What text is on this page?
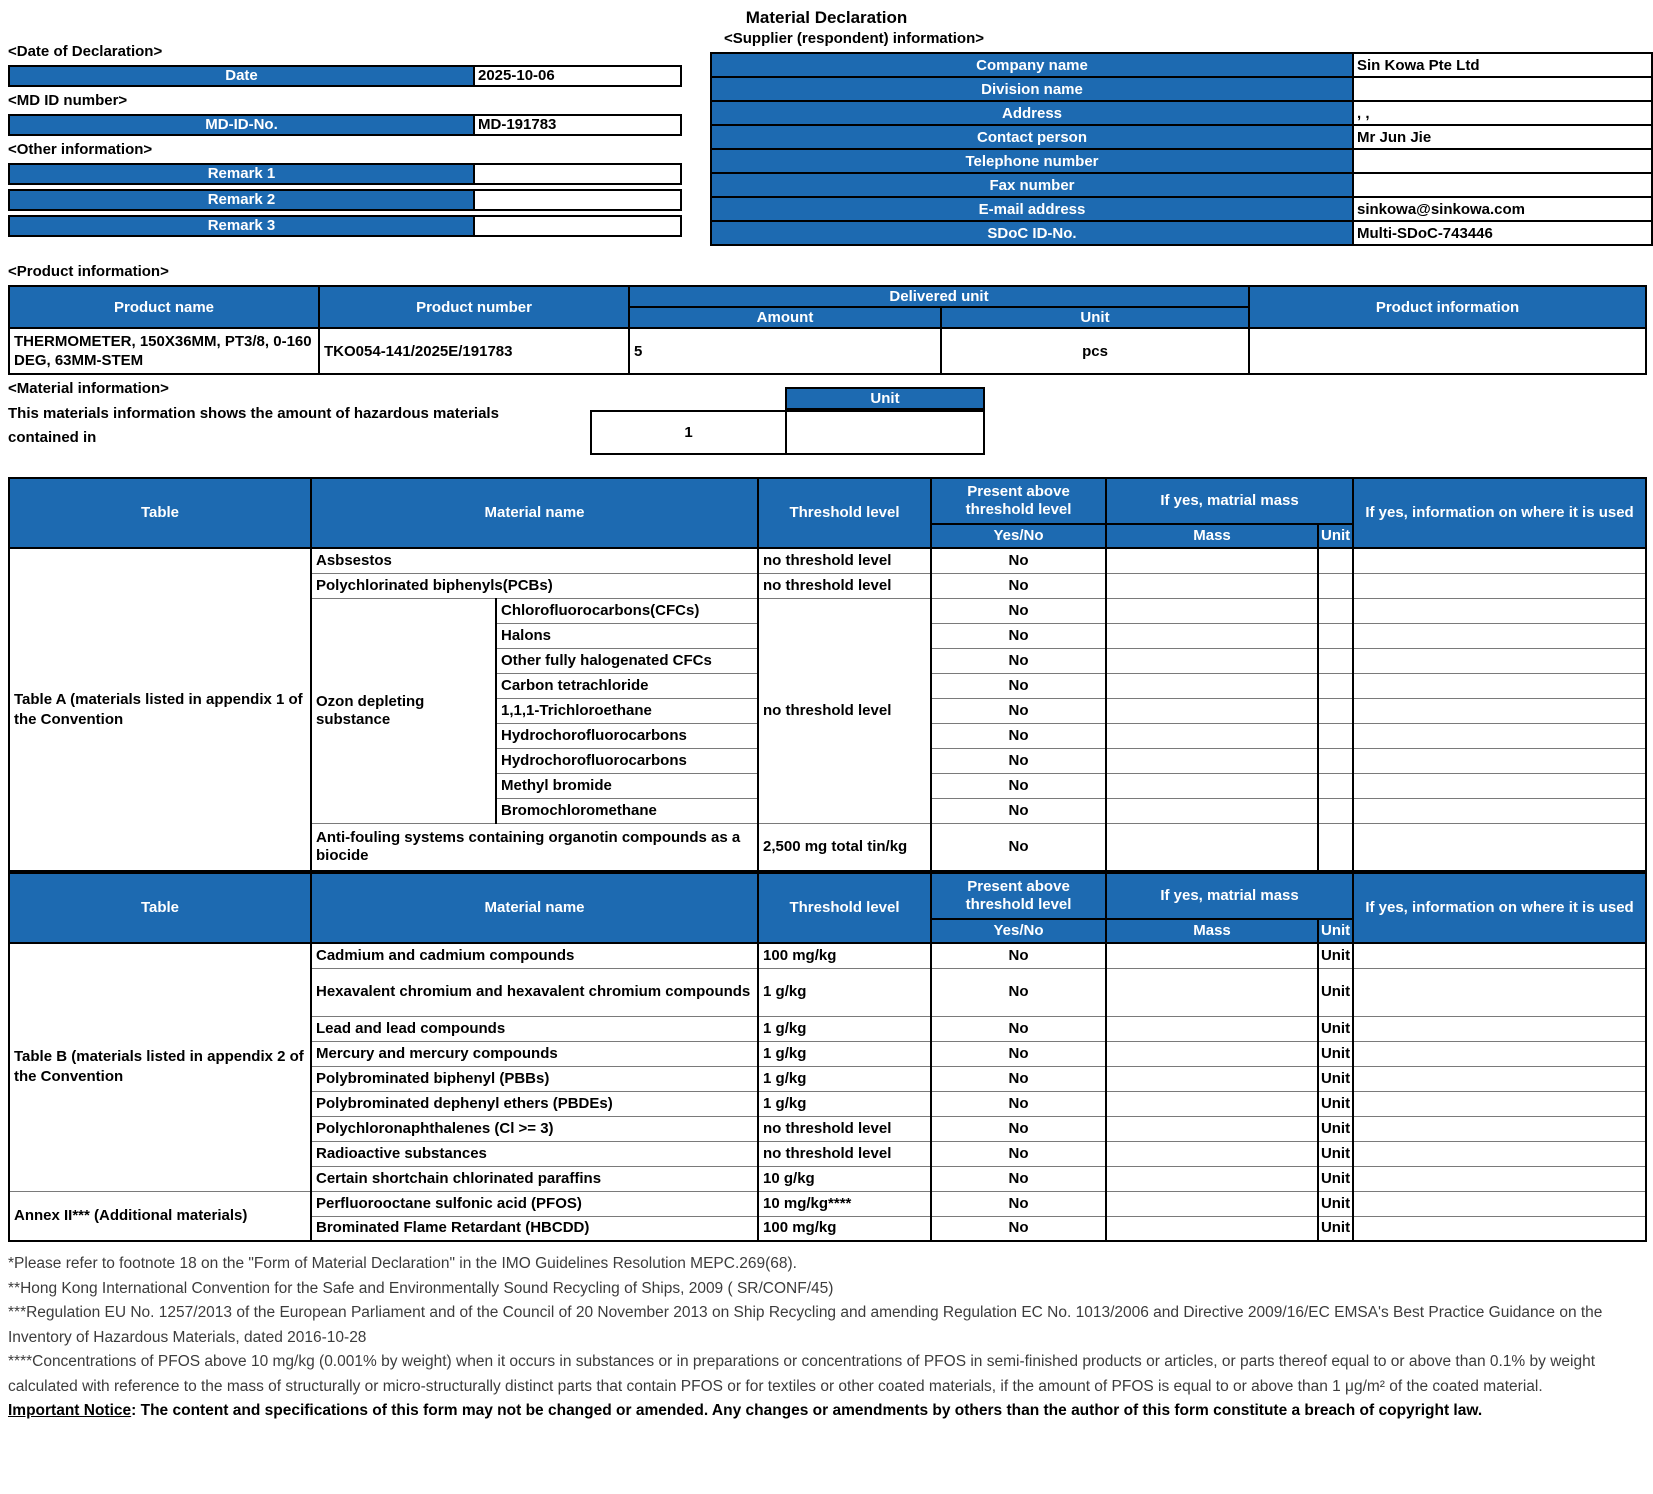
Material Declaration
<Date of Declaration>
Date	2025-10-06
<MD ID number>
MD-ID-No.	MD-191783
<Other information>
Remark 1
Remark 2
Remark 3
<Supplier (respondent) information>
Company name	Sin Kowa Pte Ltd
Division name	
Address	, ,
Contact person	Mr Jun Jie
Telephone number	
Fax number	
E-mail address	sinkowa@sinkowa.com
SDoC ID-No.	Multi-SDoC-743446
<Product information>
Product name	Product number	Delivered unit		Product information
		Amount	Unit	
THERMOMETER, 150X36MM, PT3/8, 0-160 DEG, 63MM-STEM	TKO054-141/2025E/191783	5	pcs	
<Material information>
This materials information shows the amount of hazardous materials contained in
Unit
1
Table	Material name		Threshold level	Present above threshold level	If yes, matrial mass		If yes, information on where it is used
				Yes/No	Mass	Unit	
Table A (materials listed in appendix 1 of the Convention	Asbsestos		no threshold level	No			
	Polychlorinated biphenyls(PCBs)		no threshold level	No			
	Ozon depleting substance	Chlorofluorocarbons(CFCs)	no threshold level	No			
		Halons		No			
		Other fully halogenated CFCs		No			
		Carbon tetrachloride		No			
		1,1,1-Trichloroethane		No			
		Hydrochorofluorocarbons		No			
		Hydrochorofluorocarbons		No			
		Methyl bromide		No			
		Bromochloromethane		No			
	Anti-fouling systems containing organotin compounds as a biocide		2,500 mg total tin/kg	No			
Table	Material name	Threshold level	Present above threshold level	If yes, matrial mass		If yes, information on where it is used
			Yes/No	Mass	Unit	
Table B (materials listed in appendix 2 of the Convention	Cadmium and cadmium compounds	100 mg/kg	No		Unit	
	Hexavalent chromium and hexavalent chromium compounds	1 g/kg	No		Unit	
	Lead and lead compounds	1 g/kg	No		Unit	
	Mercury and mercury compounds	1 g/kg	No		Unit	
	Polybrominated biphenyl (PBBs)	1 g/kg	No		Unit	
	Polybrominated dephenyl ethers (PBDEs)	1 g/kg	No		Unit	
	Polychloronaphthalenes (Cl >= 3)	no threshold level	No		Unit	
	Radioactive substances	no threshold level	No		Unit	
	Certain shortchain chlorinated paraffins	10 g/kg	No		Unit	
Annex II*** (Additional materials)	Perfluorooctane sulfonic acid (PFOS)	10 mg/kg****	No		Unit	
	Brominated Flame Retardant (HBCDD)	100 mg/kg	No		Unit	

*Please refer to footnote 18 on the "Form of Material Declaration" in the IMO Guidelines Resolution MEPC.269(68).

**Hong Kong International Convention for the Safe and Environmentally Sound Recycling of Ships, 2009 ( SR/CONF/45)

***Regulation EU No. 1257/2013 of the European Parliament and of the Council of 20 November 2013 on Ship Recycling and amending Regulation EC No. 1013/2006 and Directive 2009/16/EC EMSA's Best Practice Guidance on the Inventory of Hazardous Materials, dated 2016-10-28

****Concentrations of PFOS above 10 mg/kg (0.001% by weight) when it occurs in substances or in preparations or concentrations of PFOS in semi-finished products or articles, or parts thereof equal to or above than 0.1% by weight calculated with reference to the mass of structurally or micro-structurally distinct parts that contain PFOS or for textiles or other coated materials, if the amount of PFOS is equal to or above than 1 μg/m² of the coated material.

Important Notice: The content and specifications of this form may not be changed or amended. Any changes or amendments by others than the author of this form constitute a breach of copyright law.
